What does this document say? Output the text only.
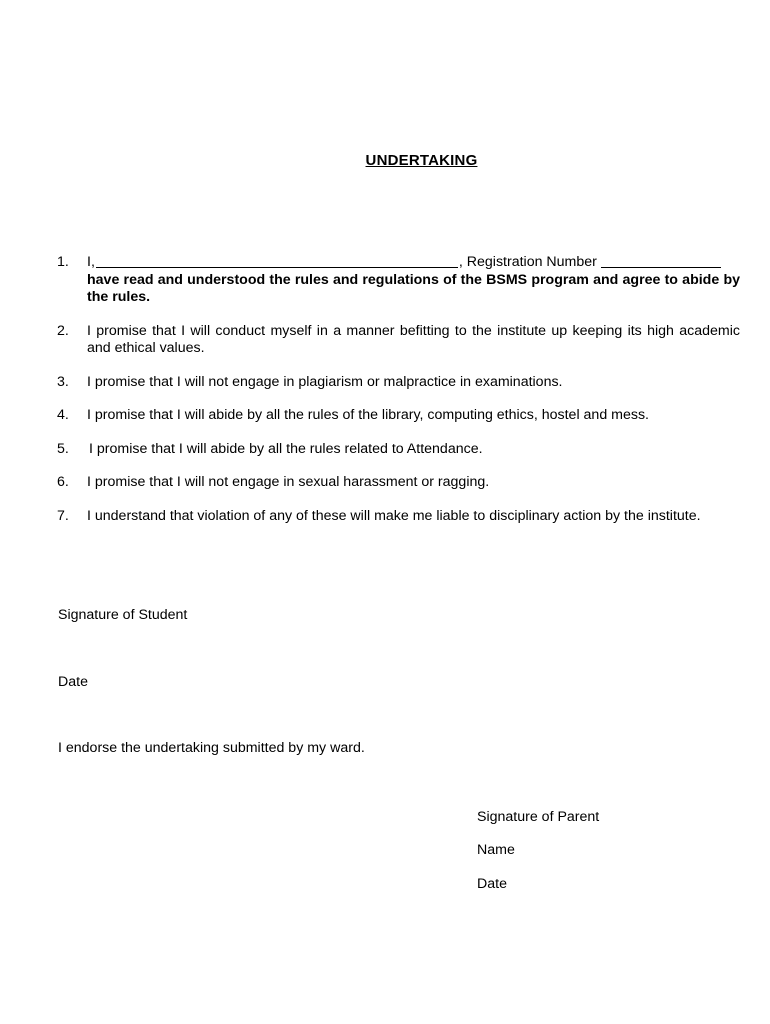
UNDERTAKING
1. I,	, Registration Number
have read and understood the rules and regulations of the BSMS program and agree to abide by the rules.
2. I promise that I will conduct myself in a manner befitting to the institute up keeping its high academic and ethical values.
3. I promise that I will not engage in plagiarism or malpractice in examinations.
4. I promise that I will abide by all the rules of the library, computing ethics, hostel and mess.
5. I promise that I will abide by all the rules related to Attendance.
6. I promise that I will not engage in sexual harassment or ragging.
7. I understand that violation of any of these will make me liable to disciplinary action by the institute.
Signature of Student
Date
I endorse the undertaking submitted by my ward.
Signature of Parent
Name
Date
